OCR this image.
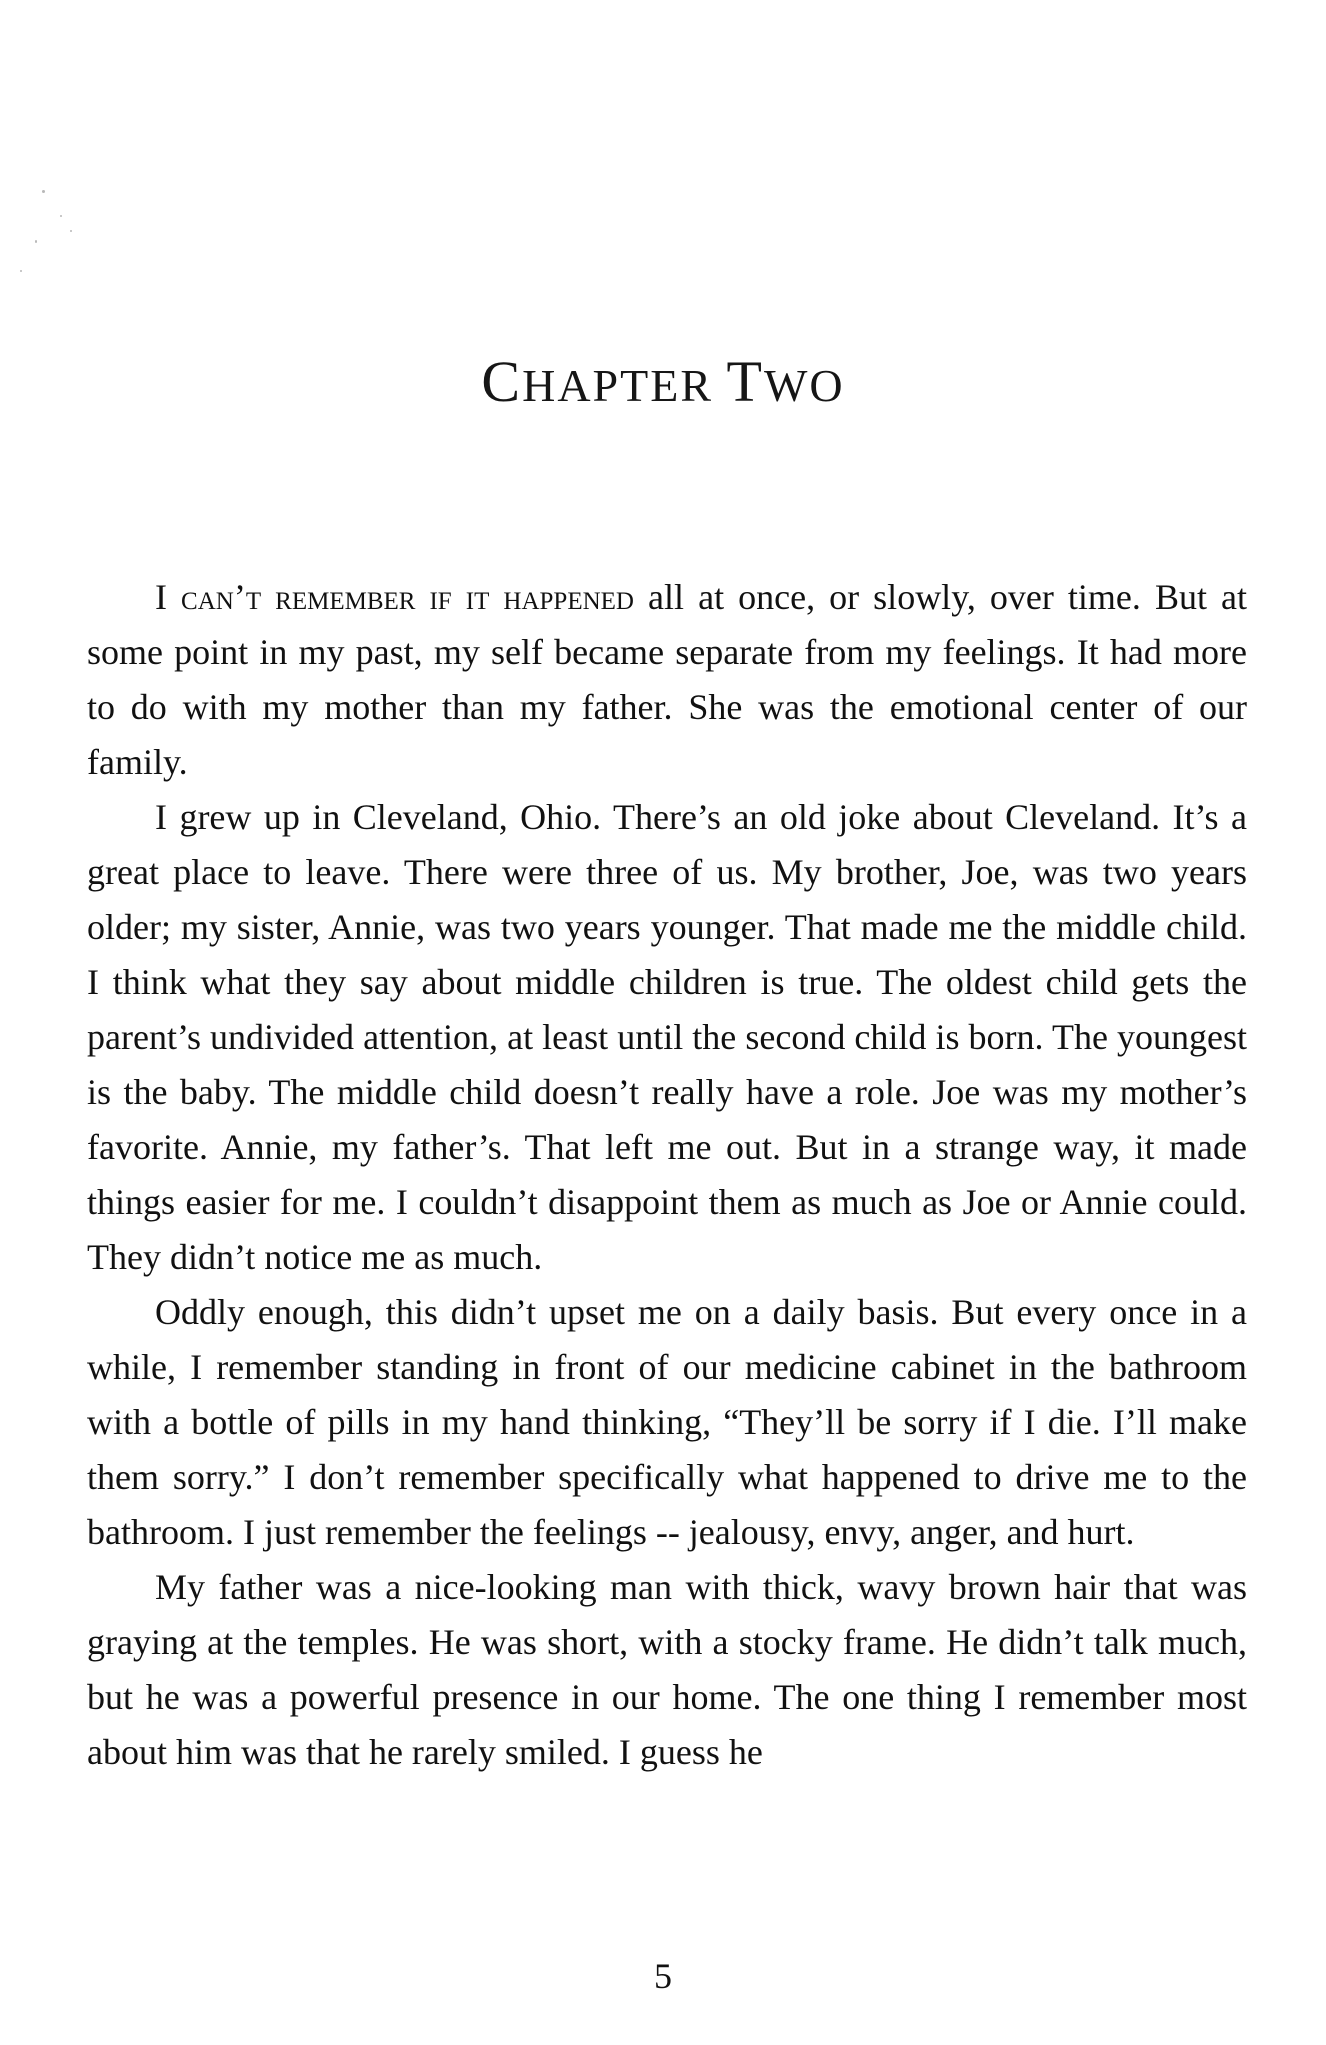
CHAPTER TWO

I can’t remember if it happened all at once, or slowly, over time. But at some point in my past, my self became separate from my feelings. It had more to do with my mother than my father. She was the emotional center of our family.

I grew up in Cleveland, Ohio. There’s an old joke about Cleveland. It’s a great place to leave. There were three of us. My brother, Joe, was two years older; my sister, Annie, was two years younger. That made me the middle child. I think what they say about middle children is true. The oldest child gets the parent’s undivided attention, at least until the second child is born. The youngest is the baby. The middle child doesn’t really have a role. Joe was my mother’s favorite. Annie, my father’s. That left me out. But in a strange way, it made things easier for me. I couldn’t disappoint them as much as Joe or Annie could. They didn’t notice me as much.

Oddly enough, this didn’t upset me on a daily basis. But every once in a while, I remember standing in front of our medicine cabinet in the bathroom with a bottle of pills in my hand thinking, “They’ll be sorry if I die. I’ll make them sorry.” I don’t remember specifically what happened to drive me to the bathroom. I just remember the feelings -- jealousy, envy, anger, and hurt.

My father was a nice-looking man with thick, wavy brown hair that was graying at the temples. He was short, with a stocky frame. He didn’t talk much, but he was a powerful presence in our home. The one thing I remember most about him was that he rarely smiled. I guess he

5
